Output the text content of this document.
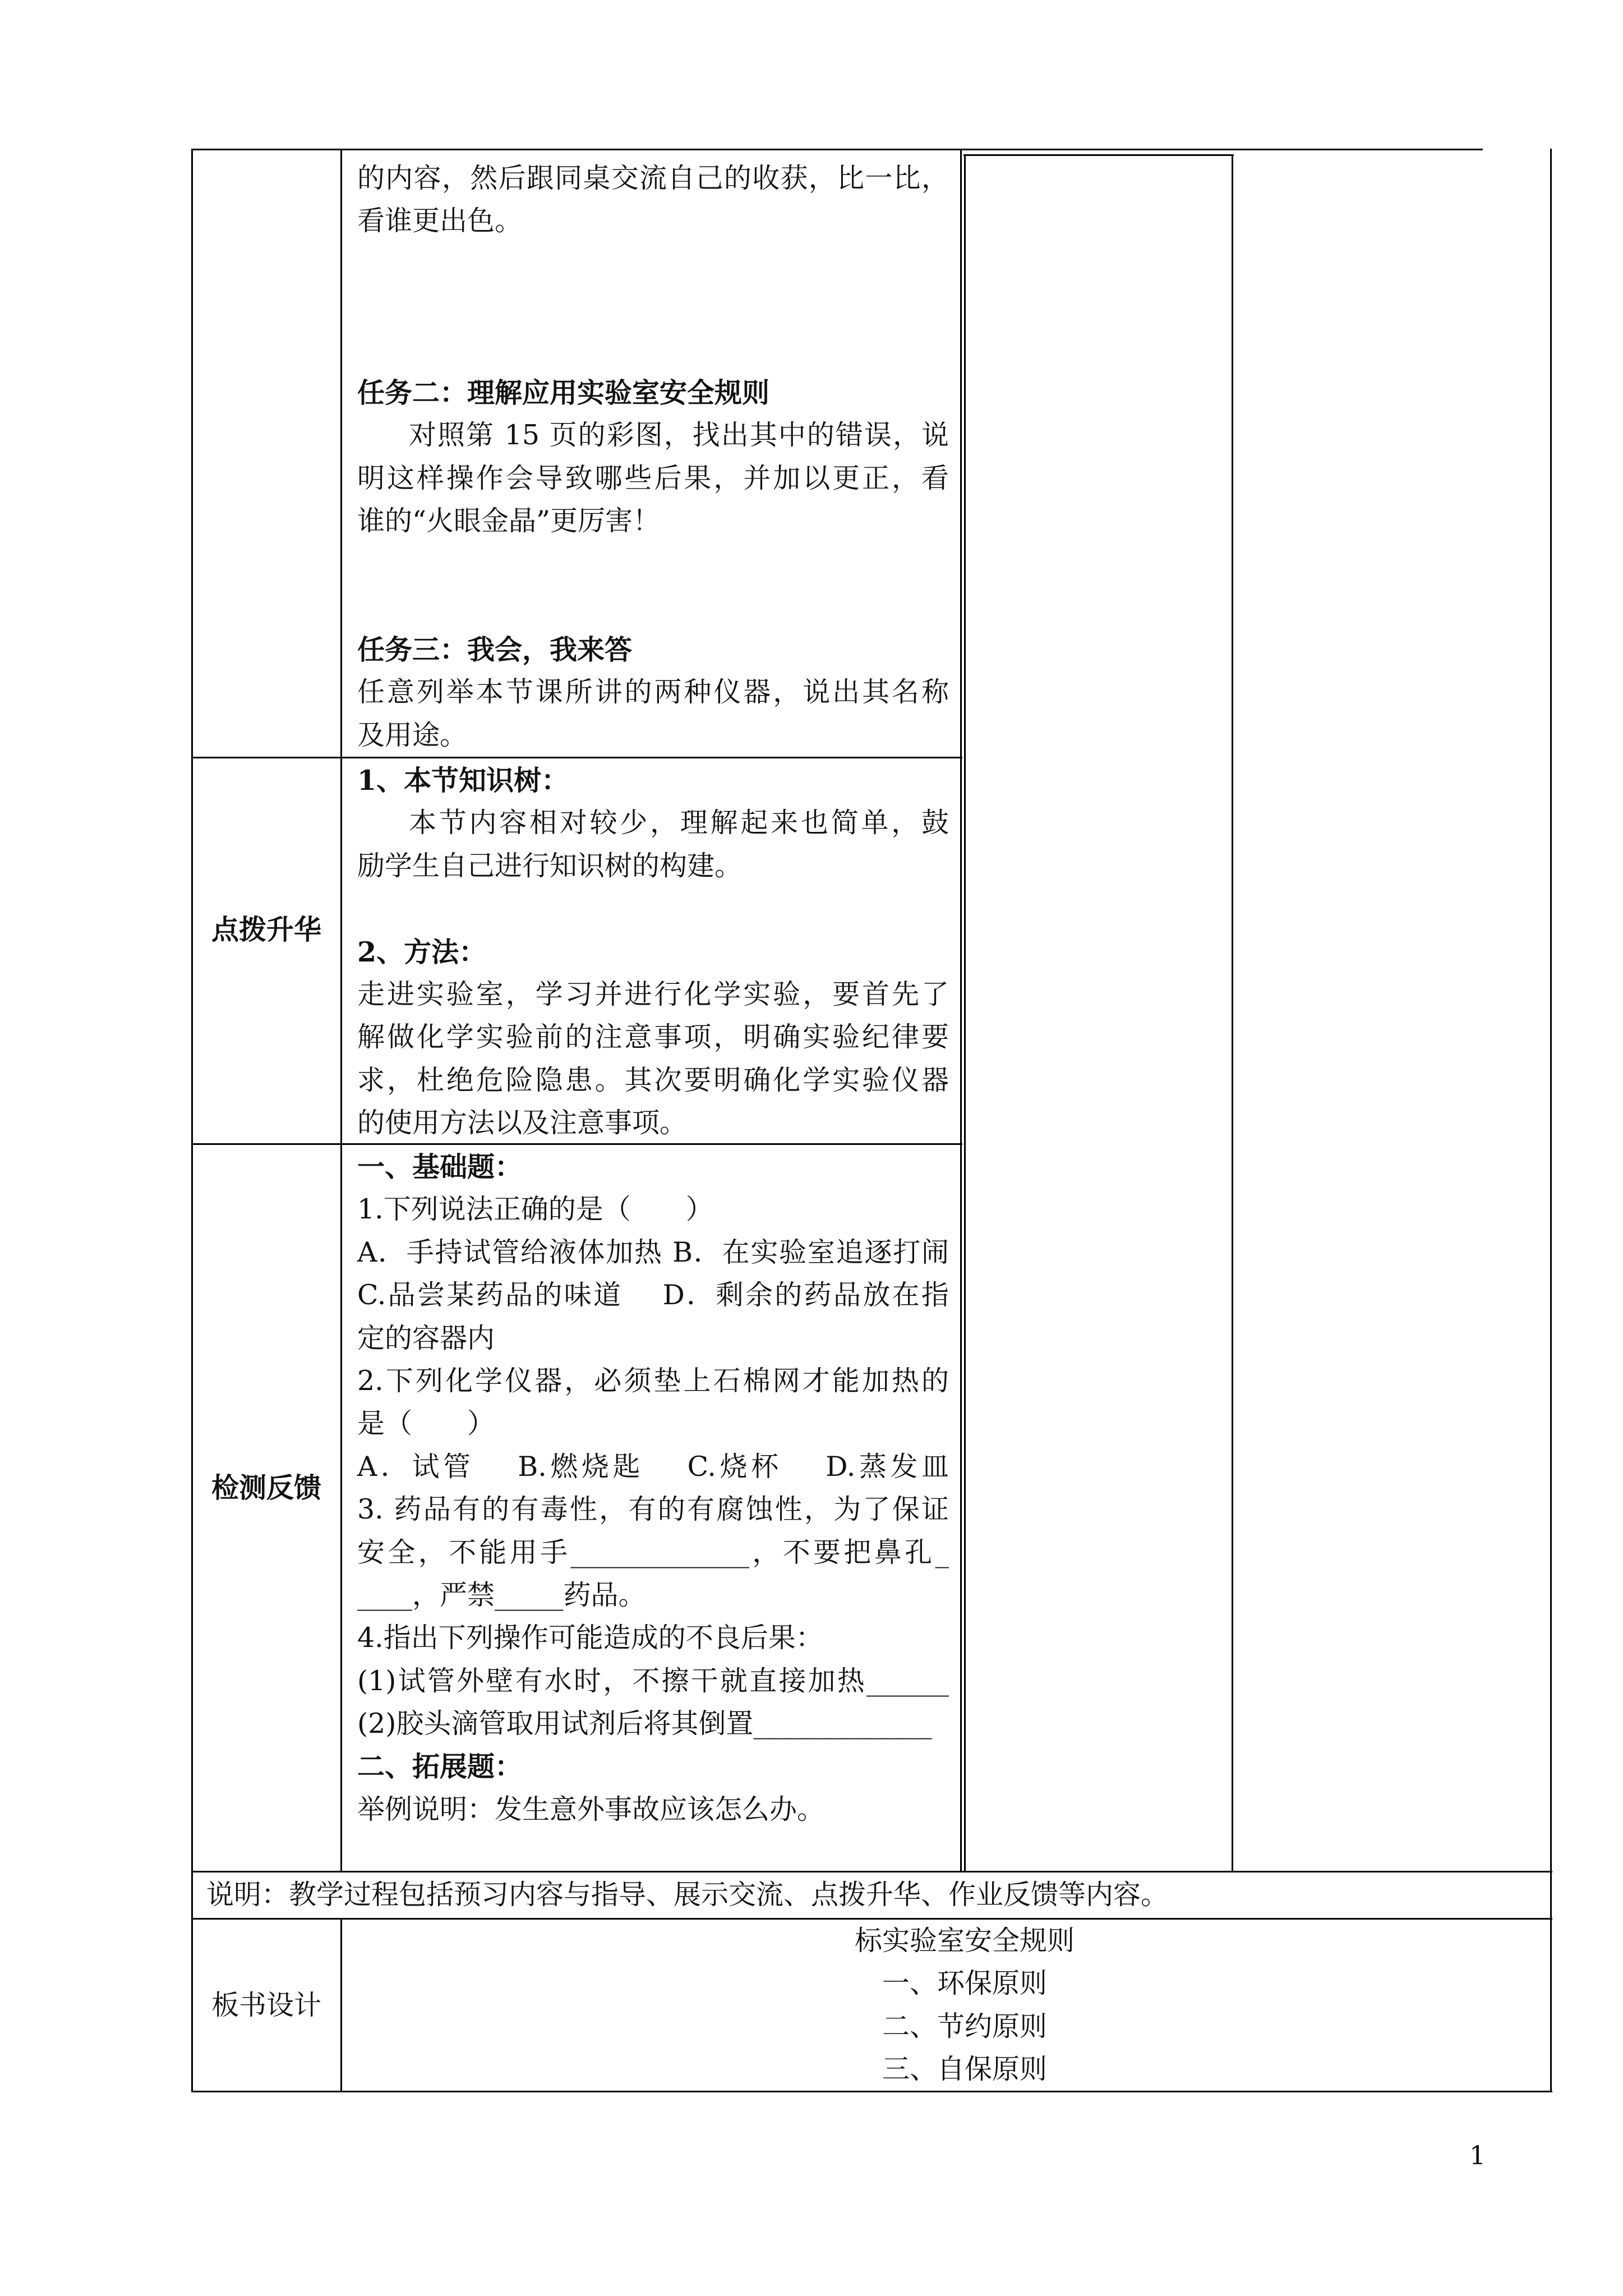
的内容，然后跟同桌交流自己的收获，比一比，
看谁更出色。
任务二：理解应用实验室安全规则
对照第 15 页的彩图，找出其中的错误，说
明这样操作会导致哪些后果，并加以更正，看
谁的“火眼金晶”更厉害！
任务三：我会，我来答
任意列举本节课所讲的两种仪器，说出其名称
及用途。
点拨升华
1、本节知识树：
本节内容相对较少，理解起来也简单，鼓
励学生自己进行知识树的构建。
2、方法：
走进实验室，学习并进行化学实验，要首先了
解做化学实验前的注意事项，明确实验纪律要
求，杜绝危险隐患。其次要明确化学实验仪器
的使用方法以及注意事项。
检测反馈
一、基础题：
1.下列说法正确的是（　　）
A．手持试管给液体加热 B．在实验室追逐打闹
C.品尝某药品的味道　 D．剩余的药品放在指
定的容器内
2.下列化学仪器，必须垫上石棉网才能加热的
是（　　）
A．试管　 B.燃烧匙　 C.烧杯　 D.蒸发皿
3. 药品有的有毒性，有的有腐蚀性，为了保证
安全，不能用手_____________，不要把鼻孔_
____，严禁_____药品。
4.指出下列操作可能造成的不良后果：
(1)试管外壁有水时，不擦干就直接加热______
(2)胶头滴管取用试剂后将其倒置_____________
二、拓展题：
举例说明：发生意外事故应该怎么办。
说明：教学过程包括预习内容与指导、展示交流、点拨升华、作业反馈等内容。
板书设计
标实验室安全规则
一、环保原则
二、节约原则
三、自保原则
1
